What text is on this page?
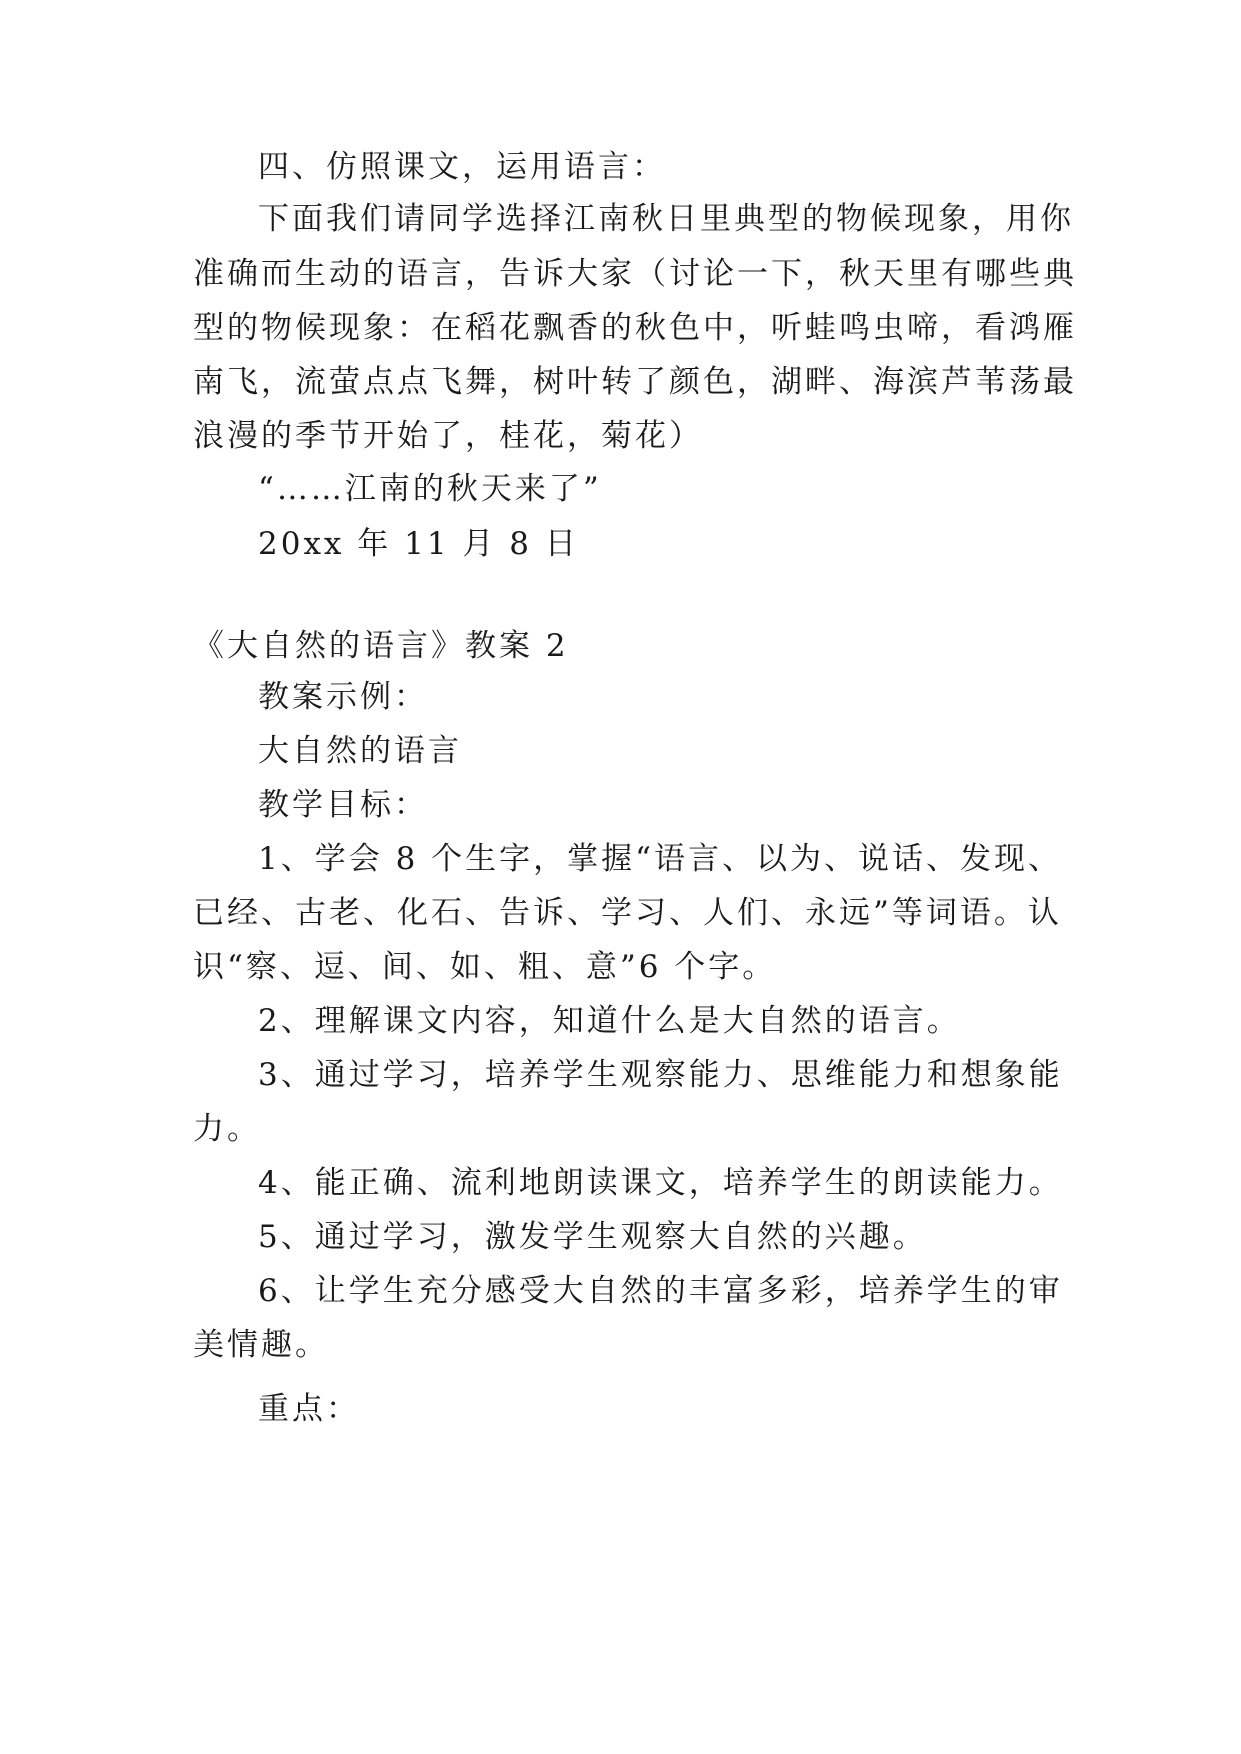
四、仿照课文，运用语言：

下面我们请同学选择江南秋日里典型的物候现象，用你

准确而生动的语言，告诉大家（讨论一下，秋天里有哪些典

型的物候现象：在稻花飘香的秋色中，听蛙鸣虫啼，看鸿雁

南飞，流萤点点飞舞，树叶转了颜色，湖畔、海滨芦苇荡最

浪漫的季节开始了，桂花，菊花）

“……江南的秋天来了”

20xx 年 11 月 8 日

《大自然的语言》教案 2

教案示例：

大自然的语言

教学目标：

1、学会 8 个生字，掌握“语言、以为、说话、发现、

已经、古老、化石、告诉、学习、人们、永远”等词语。认

识“察、逗、间、如、粗、意”6 个字。

2、理解课文内容，知道什么是大自然的语言。

3、通过学习，培养学生观察能力、思维能力和想象能

力。

4、能正确、流利地朗读课文，培养学生的朗读能力。

5、通过学习，激发学生观察大自然的兴趣。

6、让学生充分感受大自然的丰富多彩，培养学生的审

美情趣。

重点：
